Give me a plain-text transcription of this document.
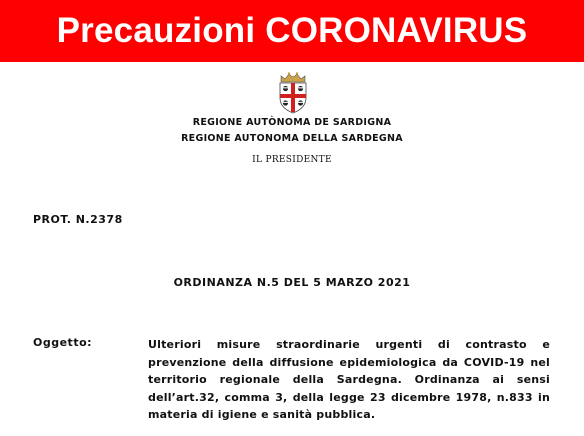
Precauzioni CORONAVIRUS
REGIONE AUTÒNOMA DE SARDIGNA
REGIONE AUTONOMA DELLA SARDEGNA
IL PRESIDENTE
PROT. N.2378
ORDINANZA N.5 DEL 5 MARZO 2021
Oggetto:	Ulteriori misure straordinarie urgenti di contrasto e
prevenzione della diffusione epidemiologica da COVID-19 nel
territorio regionale della Sardegna. Ordinanza ai sensi
dell’art.32, comma 3, della legge 23 dicembre 1978, n.833 in
materia di igiene e sanità pubblica.
